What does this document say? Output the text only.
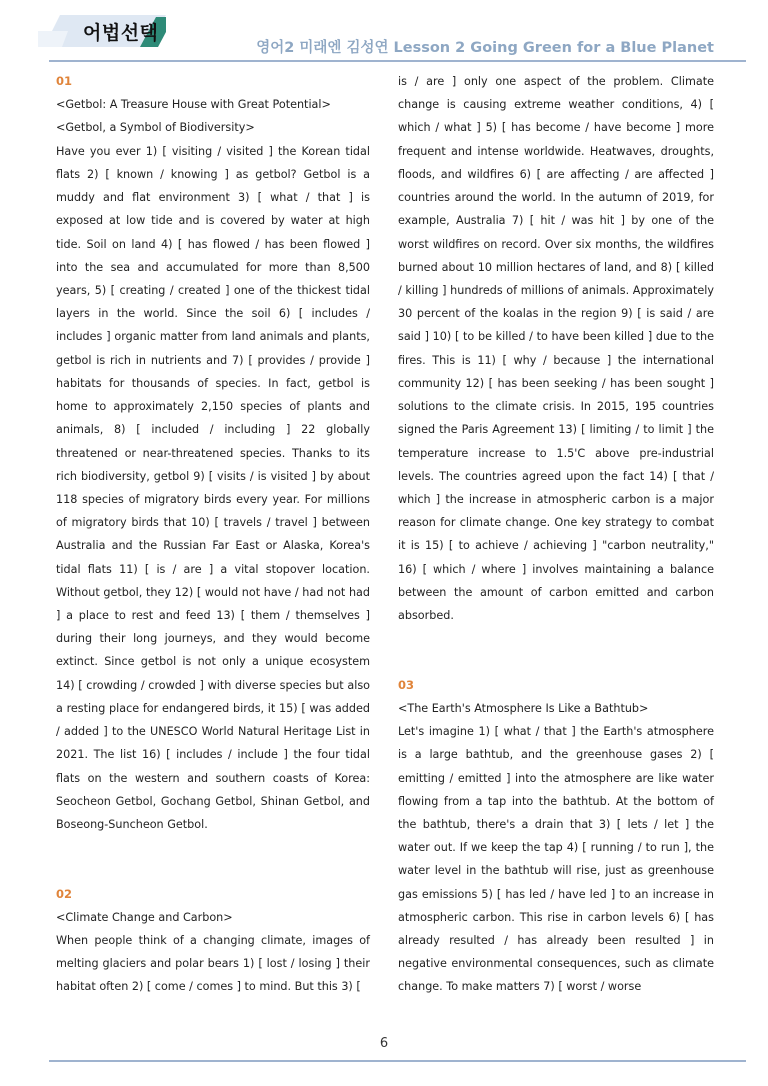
어법선택
영어2 미래엔 김성연 Lesson 2 Going Green for a Blue Planet
01

<Getbol: A Treasure House with Great Potential>

<Getbol, a Symbol of Biodiversity>

Have you ever 1) [ visiting / visited ] the Korean tidal flats 2) [ known / knowing ] as getbol? Getbol is a muddy and flat environment 3) [ what / that ] is exposed at low tide and is covered by water at high tide. Soil on land 4) [ has flowed / has been flowed ] into the sea and accumulated for more than 8,500 years, 5) [ creating / created ] one of the thickest tidal layers in the world. Since the soil 6) [ includes / includes ] organic matter from land animals and plants, getbol is rich in nutrients and 7) [ provides / provide ] habitats for thousands of species. In fact, getbol is home to approximately 2,150 species of plants and animals, 8) [ included / including ] 22 globally threatened or near-threatened species. Thanks to its rich biodiversity, getbol 9) [ visits / is visited ] by about 118 species of migratory birds every year. For millions of migratory birds that 10) [ travels / travel ] between Australia and the Russian Far East or Alaska, Korea's tidal flats 11) [ is / are ] a vital stopover location. Without getbol, they 12) [ would not have / had not had ] a place to rest and feed 13) [ them / themselves ] during their long journeys, and they would become extinct. Since getbol is not only a unique ecosystem 14) [ crowding / crowded ] with diverse species but also a resting place for endangered birds, it 15) [ was added / added ] to the UNESCO World Natural Heritage List in 2021. The list 16) [ includes / include ] the four tidal flats on the western and southern coasts of Korea: Seocheon Getbol, Gochang Getbol, Shinan Getbol, and Boseong-Suncheon Getbol.

02

<Climate Change and Carbon>

When people think of a changing climate, images of melting glaciers and polar bears 1) [ lost / losing ] their habitat often 2) [ come / comes ] to mind. But this 3) [

is / are ] only one aspect of the problem. Climate change is causing extreme weather conditions, 4) [ which / what ] 5) [ has become / have become ] more frequent and intense worldwide. Heatwaves, droughts, floods, and wildfires 6) [ are affecting / are affected ] countries around the world. In the autumn of 2019, for example, Australia 7) [ hit / was hit ] by one of the worst wildfires on record. Over six months, the wildfires burned about 10 million hectares of land, and 8) [ killed / killing ] hundreds of millions of animals. Approximately 30 percent of the koalas in the region 9) [ is said / are said ] 10) [ to be killed / to have been killed ] due to the fires. This is 11) [ why / because ] the international community 12) [ has been seeking / has been sought ] solutions to the climate crisis. In 2015, 195 countries signed the Paris Agreement 13) [ limiting / to limit ] the temperature increase to 1.5'C above pre-industrial levels. The countries agreed upon the fact 14) [ that / which ] the increase in atmospheric carbon is a major reason for climate change. One key strategy to combat it is 15) [ to achieve / achieving ] "carbon neutrality," 16) [ which / where ] involves maintaining a balance between the amount of carbon emitted and carbon absorbed.

03

<The Earth's Atmosphere Is Like a Bathtub>

Let's imagine 1) [ what / that ] the Earth's atmosphere is a large bathtub, and the greenhouse gases 2) [ emitting / emitted ] into the atmosphere are like water flowing from a tap into the bathtub. At the bottom of the bathtub, there's a drain that 3) [ lets / let ] the water out. If we keep the tap 4) [ running / to run ], the water level in the bathtub will rise, just as greenhouse gas emissions 5) [ has led / have led ] to an increase in atmospheric carbon. This rise in carbon levels 6) [ has already resulted / has already been resulted ] in negative environmental consequences, such as climate change. To make matters 7) [ worst / worse

6
